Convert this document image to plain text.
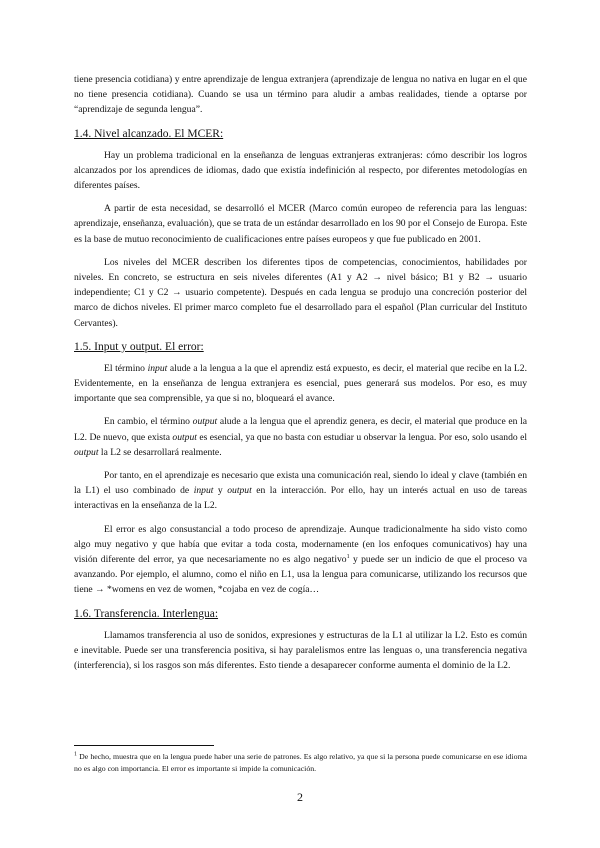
tiene presencia cotidiana) y entre aprendizaje de lengua extranjera (aprendizaje de lengua no nativa en lugar en el que no tiene presencia cotidiana). Cuando se usa un término para aludir a ambas realidades, tiende a optarse por “aprendizaje de segunda lengua”.

1.4. Nivel alcanzado. El MCER:

Hay un problema tradicional en la enseñanza de lenguas extranjeras extranjeras: cómo describir los logros alcanzados por los aprendices de idiomas, dado que existía indefinición al respecto, por diferentes metodologías en diferentes países.

A partir de esta necesidad, se desarrolló el MCER (Marco común europeo de referencia para las lenguas: aprendizaje, enseñanza, evaluación), que se trata de un estándar desarrollado en los 90 por el Consejo de Europa. Este es la base de mutuo reconocimiento de cualificaciones entre países europeos y que fue publicado en 2001.

Los niveles del MCER describen los diferentes tipos de competencias, conocimientos, habilidades por niveles. En concreto, se estructura en seis niveles diferentes (A1 y A2 → nivel básico; B1 y B2 → usuario independiente; C1 y C2 → usuario competente). Después en cada lengua se produjo una concreción posterior del marco de dichos niveles. El primer marco completo fue el desarrollado para el español (Plan curricular del Instituto Cervantes).

1.5. Input y output. El error:

El término input alude a la lengua a la que el aprendiz está expuesto, es decir, el material que recibe en la L2. Evidentemente, en la enseñanza de lengua extranjera es esencial, pues generará sus modelos. Por eso, es muy importante que sea comprensible, ya que si no, bloqueará el avance.

En cambio, el término output alude a la lengua que el aprendiz genera, es decir, el material que produce en la L2. De nuevo, que exista output es esencial, ya que no basta con estudiar u observar la lengua. Por eso, solo usando el output la L2 se desarrollará realmente.

Por tanto, en el aprendizaje es necesario que exista una comunicación real, siendo lo ideal y clave (también en la L1) el uso combinado de input y output en la interacción. Por ello, hay un interés actual en uso de tareas interactivas en la enseñanza de la L2.

El error es algo consustancial a todo proceso de aprendizaje. Aunque tradicionalmente ha sido visto como algo muy negativo y que había que evitar a toda costa, modernamente (en los enfoques comunicativos) hay una visión diferente del error, ya que necesariamente no es algo negativo$^1$ y puede ser un indicio de que el proceso va avanzando. Por ejemplo, el alumno, como el niño en L1, usa la lengua para comunicarse, utilizando los recursos que tiene → *womens en vez de women, *cojaba en vez de cogía…

1.6. Transferencia. Interlengua:

Llamamos transferencia al uso de sonidos, expresiones y estructuras de la L1 al utilizar la L2. Esto es común e inevitable. Puede ser una transferencia positiva, si hay paralelismos entre las lenguas o, una transferencia negativa (interferencia), si los rasgos son más diferentes. Esto tiende a desaparecer conforme aumenta el dominio de la L2.

$^1$ De hecho, muestra que en la lengua puede haber una serie de patrones. Es algo relativo, ya que si la persona puede comunicarse en ese idioma no es algo con importancia. El error es importante si impide la comunicación.
2
